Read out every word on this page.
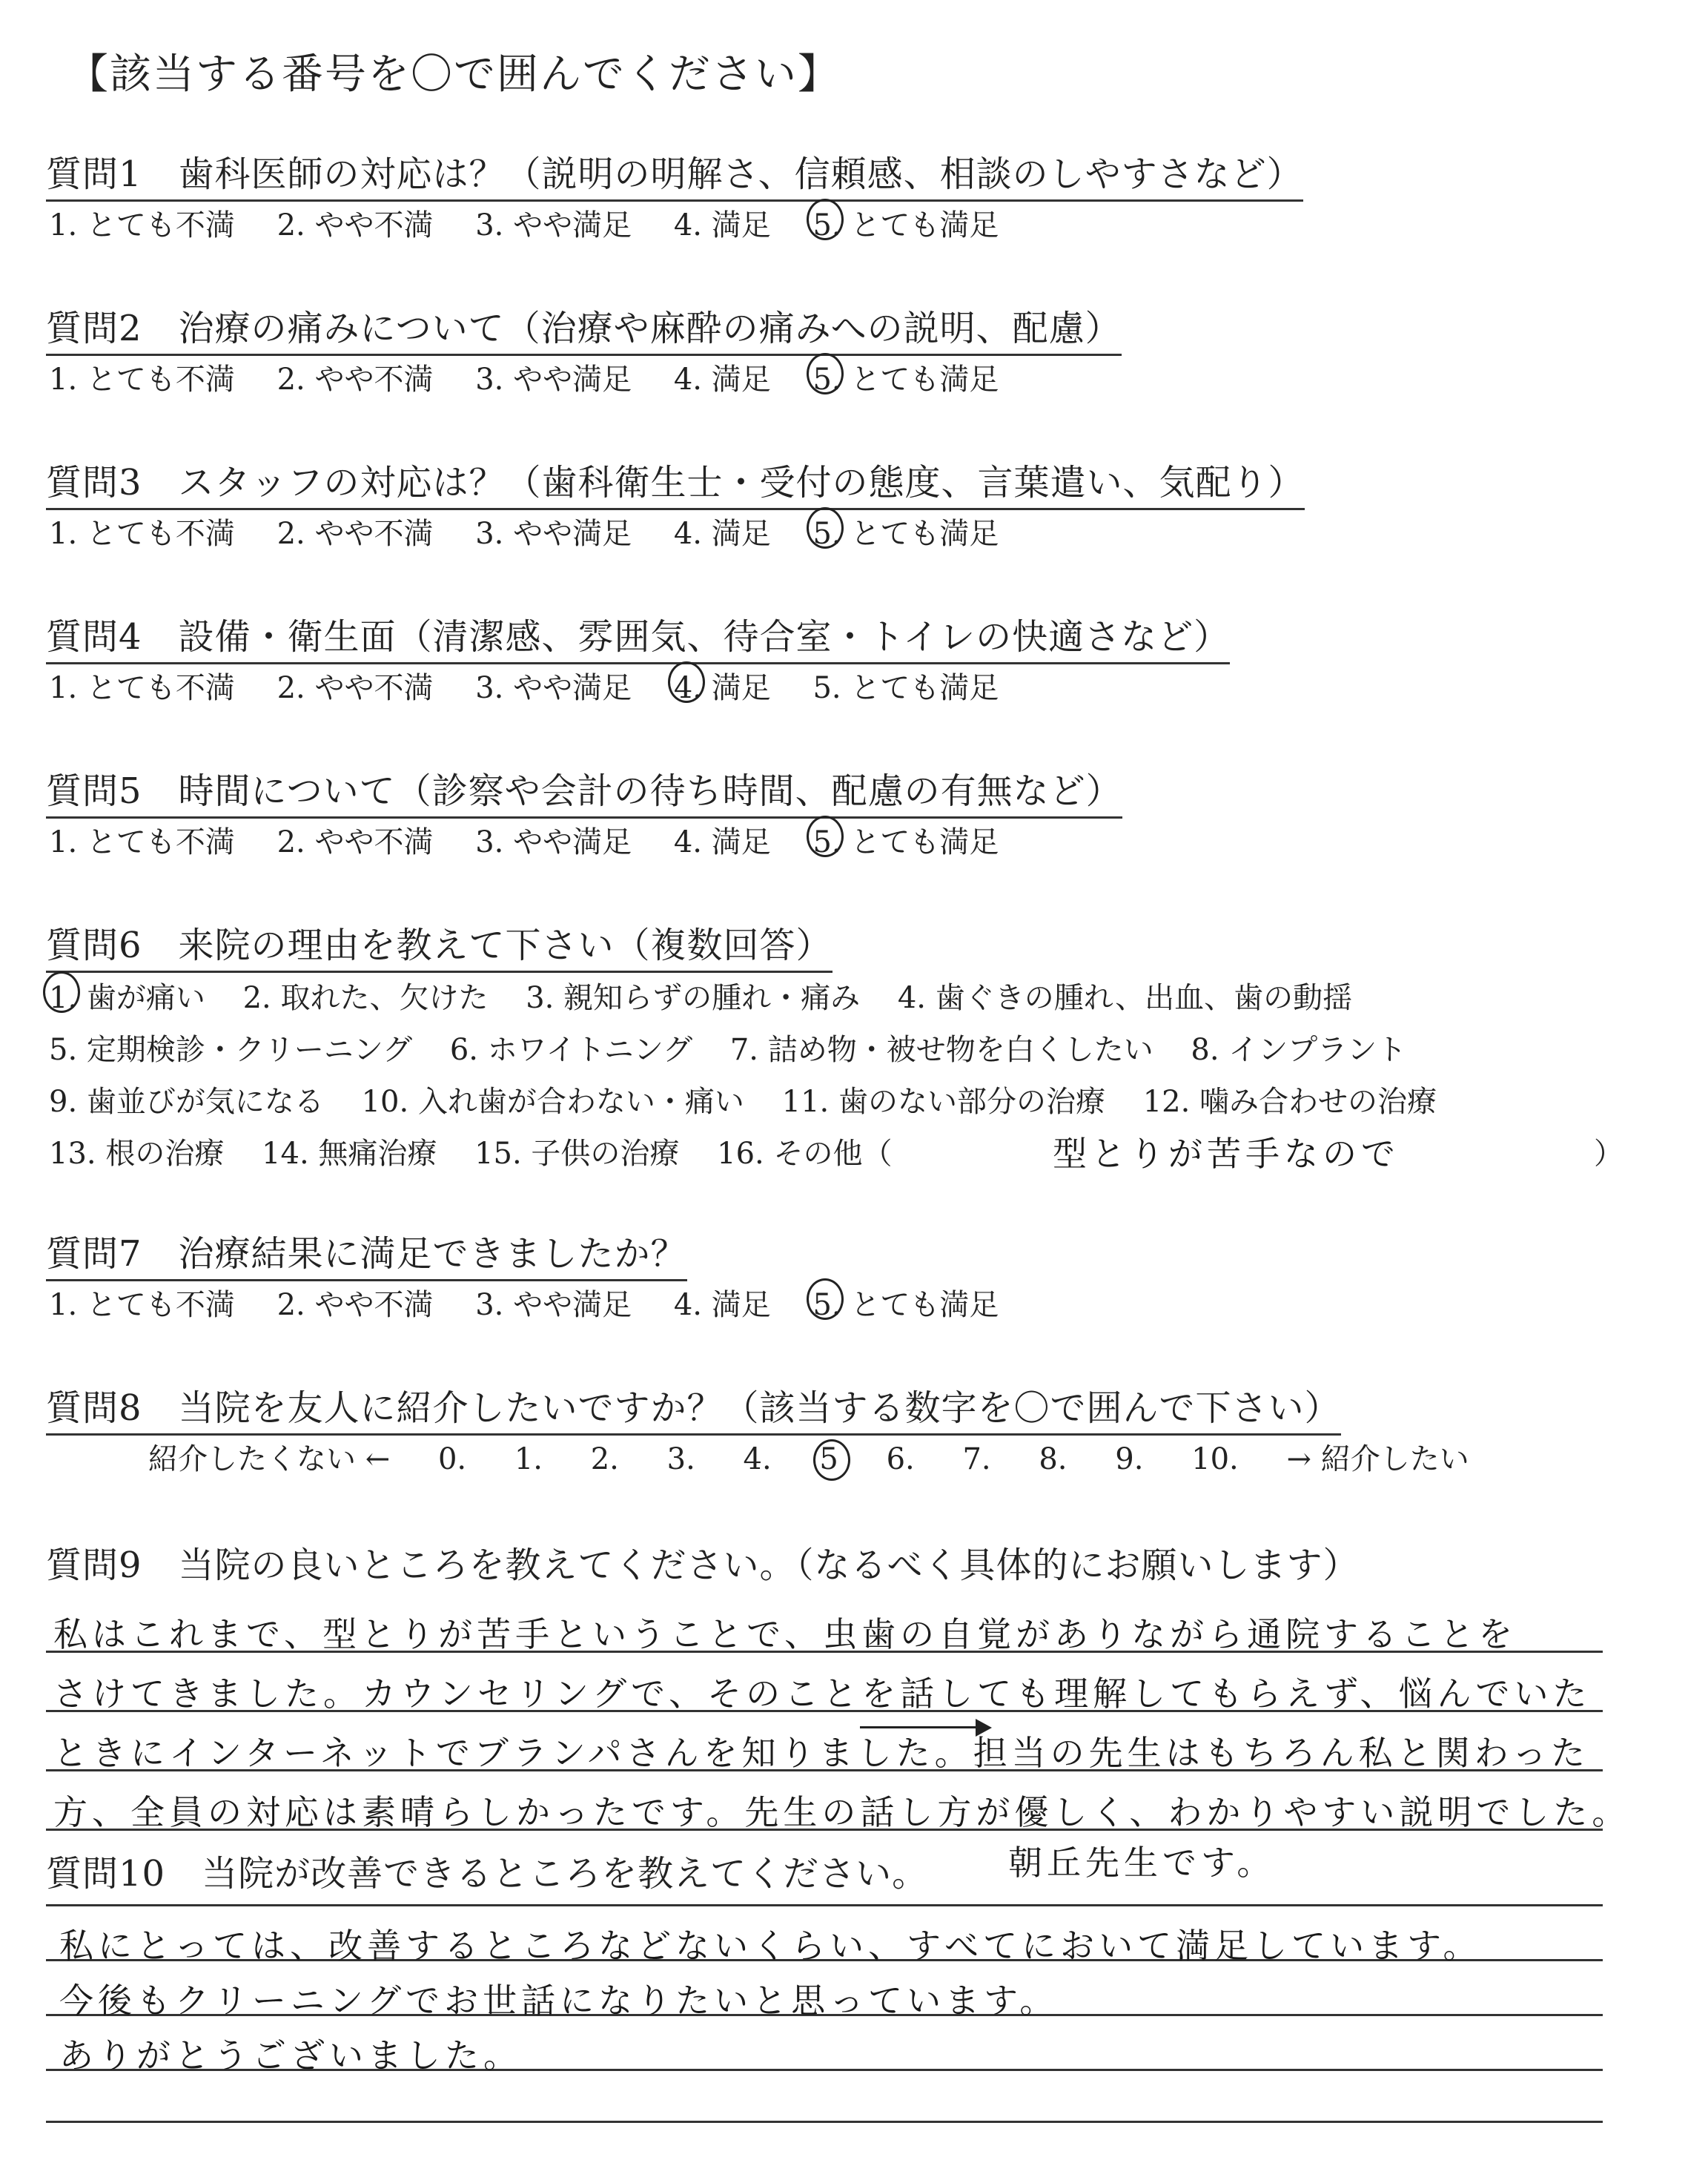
【該当する番号を〇で囲んでください】
質問1　歯科医師の対応は？（説明の明解さ、信頼感、相談のしやすさなど）
1. とても不満 2. やや不満 3. やや満足 4. 満足 5. とても満足
質問2　治療の痛みについて（治療や麻酔の痛みへの説明、配慮）
1. とても不満 2. やや不満 3. やや満足 4. 満足 5. とても満足
質問3　スタッフの対応は？（歯科衛生士・受付の態度、言葉遣い、気配り）
1. とても不満 2. やや不満 3. やや満足 4. 満足 5. とても満足
質問4　設備・衛生面（清潔感、雰囲気、待合室・トイレの快適さなど）
1. とても不満 2. やや不満 3. やや満足 4. 満足 5. とても満足
質問5　時間について（診察や会計の待ち時間、配慮の有無など）
1. とても不満 2. やや不満 3. やや満足 4. 満足 5. とても満足
質問6　来院の理由を教えて下さい（複数回答）
1. 歯が痛い 2. 取れた、欠けた 3. 親知らずの腫れ・痛み 4. 歯ぐきの腫れ、出血、歯の動揺
5. 定期検診・クリーニング 6. ホワイトニング 7. 詰め物・被せ物を白くしたい 8. インプラント
9. 歯並びが気になる 10. 入れ歯が合わない・痛い 11. 歯のない部分の治療 12. 噛み合わせの治療
13. 根の治療 14. 無痛治療 15. 子供の治療 16. その他（	型とりが苦手なので	）
質問7　治療結果に満足できましたか？
1. とても不満 2. やや不満 3. やや満足 4. 満足 5. とても満足
質問8　当院を友人に紹介したいですか？（該当する数字を〇で囲んで下さい）
紹介したくない ← 0. 1. 2. 3. 4. 5 6. 7. 8. 9. 10. → 紹介したい
質問9　当院の良いところを教えてください。（なるべく具体的にお願いします）
私はこれまで、型とりが苦手ということで、虫歯の自覚がありながら通院することを
さけてきました。カウンセリングで、そのことを話しても理解してもらえず、悩んでいた
ときにインターネットでブランパさんを知りました。担当の先生はもちろん私と関わった
方、全員の対応は素晴らしかったです。先生の話し方が優しく、わかりやすい説明でした。
朝丘先生です。
質問10　当院が改善できるところを教えてください。
私にとっては、改善するところなどないくらい、すべてにおいて満足しています。
今後もクリーニングでお世話になりたいと思っています。
ありがとうございました。
